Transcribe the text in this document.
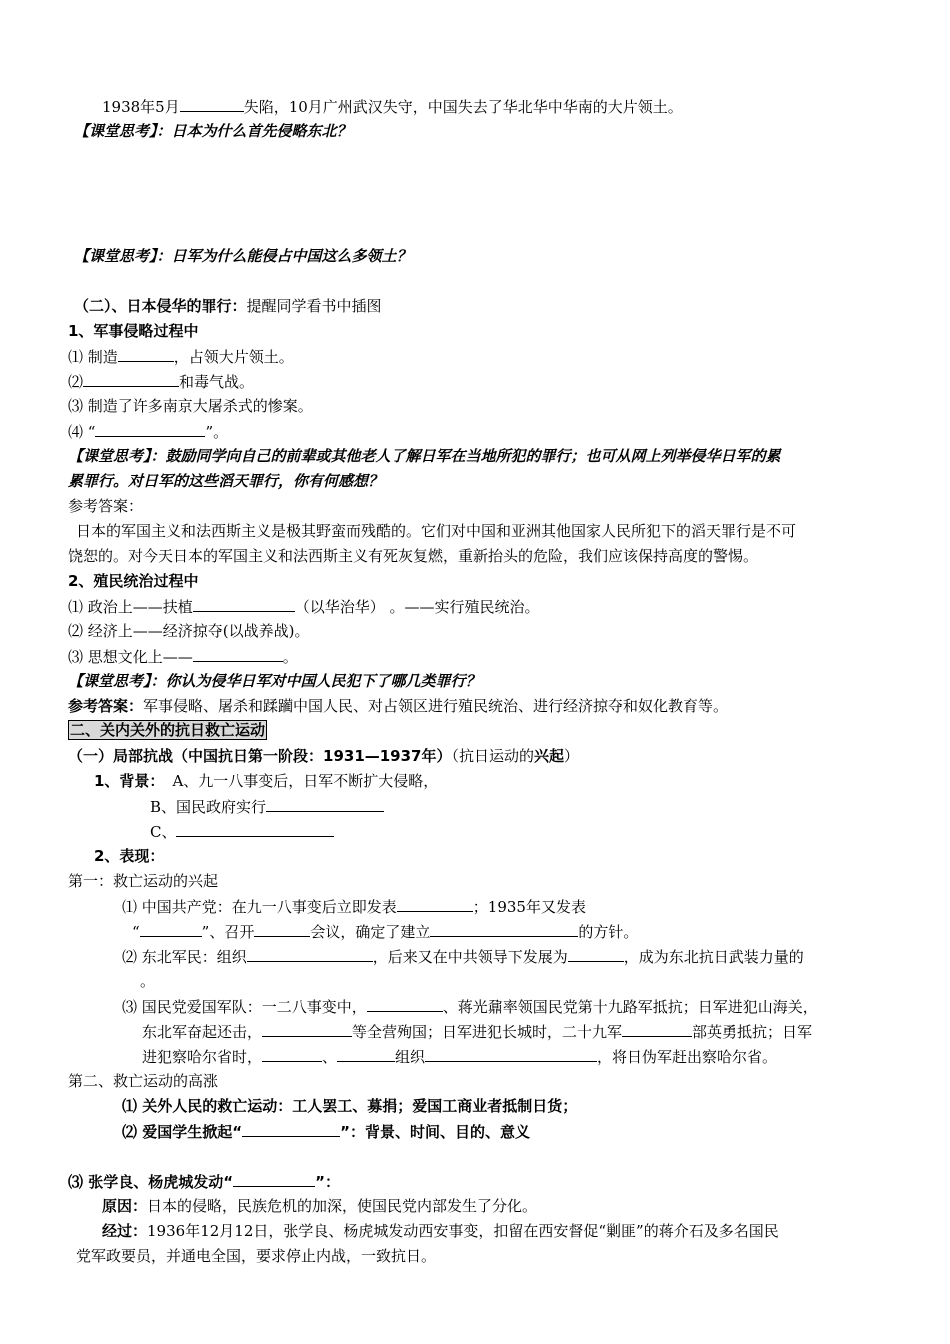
1938年5月	失陷，10月广州武汉失守，中国失去了华北华中华南的大片领土。
【课堂思考】：日本为什么首先侵略东北？
【课堂思考】：日军为什么能侵占中国这么多领土？
（二）、日本侵华的罪行：提醒同学看书中插图
1、军事侵略过程中
⑴ 制造	，占领大片领土。
⑵	和毒气战。
⑶ 制造了许多南京大屠杀式的惨案。
⑷ “	”。
【课堂思考】：鼓励同学向自己的前辈或其他老人了解日军在当地所犯的罪行；也可从网上列举侵华日军的累
累罪行。对日军的这些滔天罪行，你有何感想？
参考答案：
日本的军国主义和法西斯主义是极其野蛮而残酷的。它们对中国和亚洲其他国家人民所犯下的滔天罪行是不可
饶恕的。对今天日本的军国主义和法西斯主义有死灰复燃，重新抬头的危险，我们应该保持高度的警惕。
2、殖民统治过程中
⑴ 政治上——扶植	（以华治华） 。——实行殖民统治。
⑵ 经济上——经济掠夺(以战养战)。
⑶ 思想文化上——	。
【课堂思考】：你认为侵华日军对中国人民犯下了哪几类罪行？
参考答案：军事侵略、屠杀和蹂躏中国人民、对占领区进行殖民统治、进行经济掠夺和奴化教育等。
二、关内关外的抗日救亡运动
（一）局部抗战（中国抗日第一阶段：1931—1937年）（抗日运动的兴起）
1、背景： A、九一八事变后，日军不断扩大侵略，
B、国民政府实行
C、
2、表现：
第一：救亡运动的兴起
⑴ 中国共产党：在九一八事变后立即发表	；1935年又发表
“	”、召开	会议，确定了建立	的方针。
⑵ 东北军民：组织	，后来又在中共领导下发展为	，成为东北抗日武装力量的
。
⑶ 国民党爱国军队：一二八事变中，	、蒋光鼐率领国民党第十九路军抵抗；日军进犯山海关，
东北军奋起还击，	等全营殉国；日军进犯长城时，二十九军	部英勇抵抗；日军
进犯察哈尔省时，	、	组织	，将日伪军赶出察哈尔省。
第二、救亡运动的高涨
⑴ 关外人民的救亡运动：工人罢工、募捐；爱国工商业者抵制日货；
⑵ 爱国学生掀起“	”：背景、时间、目的、意义
⑶ 张学良、杨虎城发动“	”：
原因：日本的侵略，民族危机的加深，使国民党内部发生了分化。
经过：1936年12月12日，张学良、杨虎城发动西安事变，扣留在西安督促“剿匪”的蒋介石及多名国民
党军政要员，并通电全国，要求停止内战，一致抗日。
